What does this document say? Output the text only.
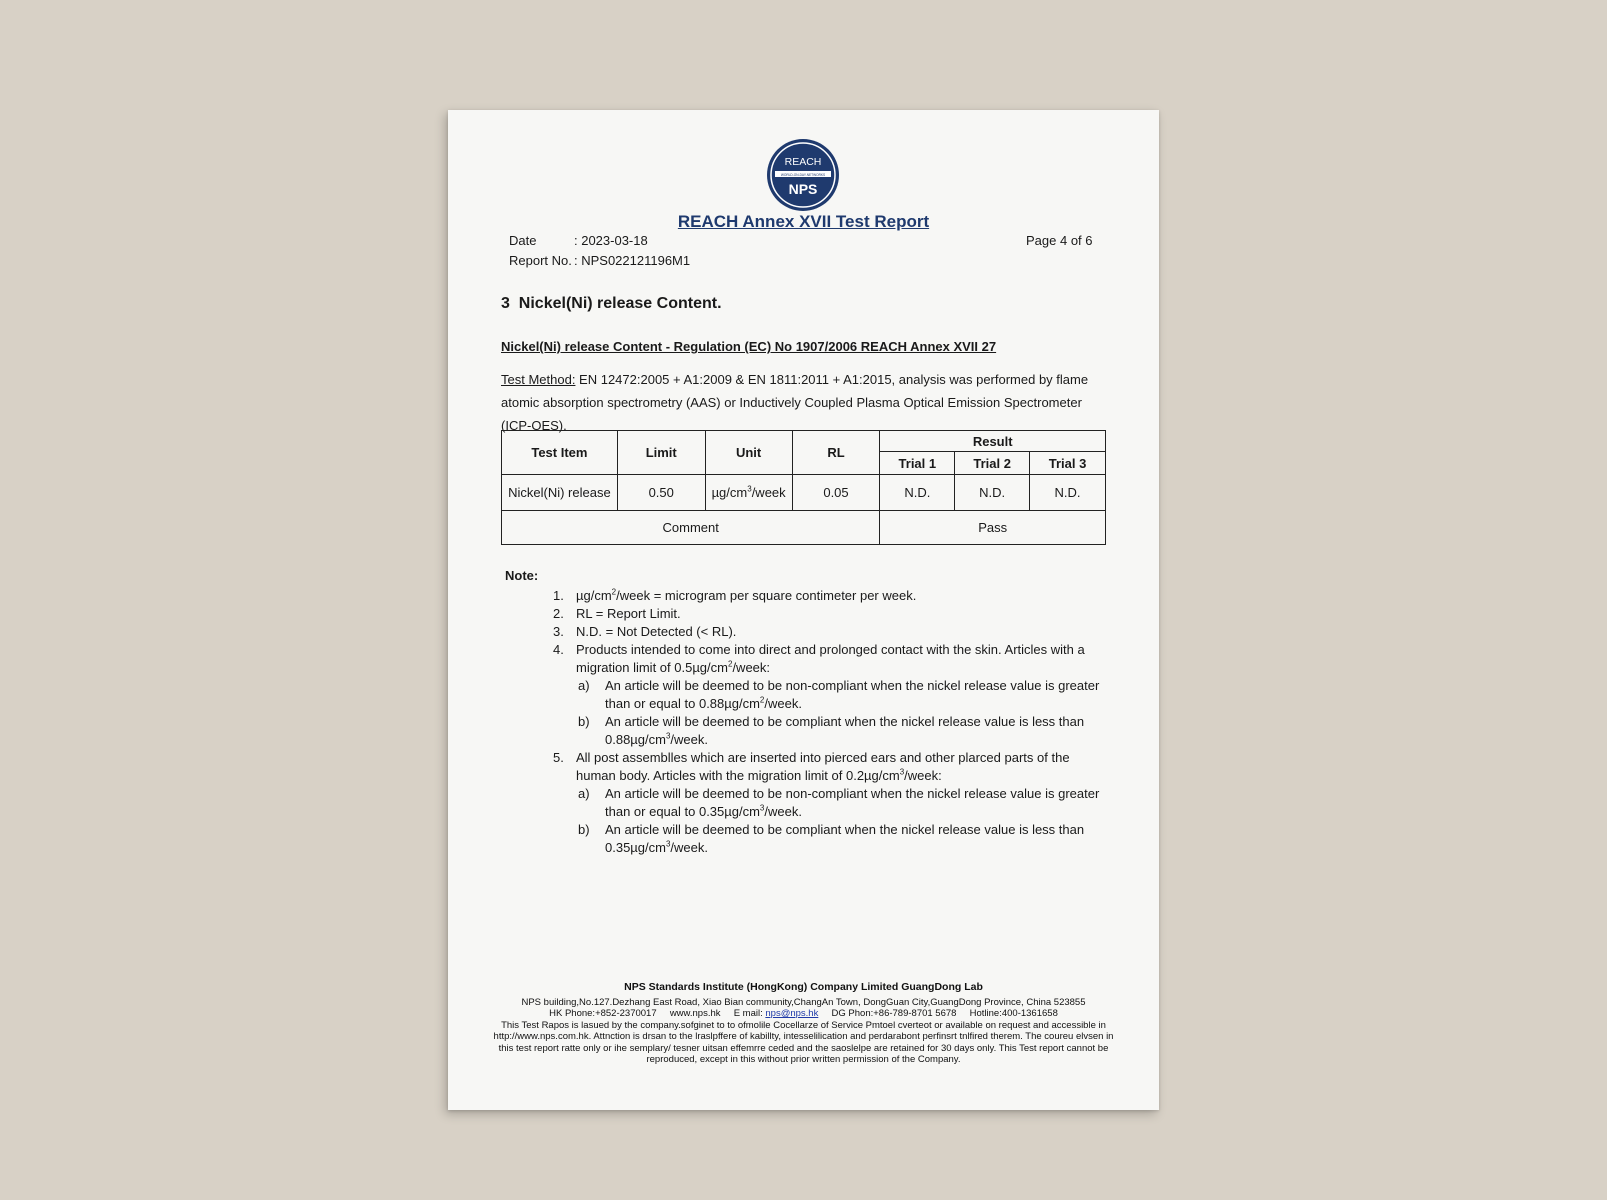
REACH
WORLD-ON-DAY-NETWORKS
NPS
REACH Annex XVII Test Report
Date	: 2023-03-18
Report No. : NPS022121196M1
Page 4 of 6
3 Nickel(Ni) release Content.
Nickel(Ni) release Content - Regulation (EC) No 1907/2006 REACH Annex XVII 27
Test Method: EN 12472:2005 + A1:2009 & EN 1811:2011 + A1:2015, analysis was performed by flame atomic absorption spectrometry (AAS) or Inductively Coupled Plasma Optical Emission Spectrometer (ICP-OES).
Test Item	Limit	Unit	RL	Result		
				Trial 1	Trial 2	Trial 3
Nickel(Ni) release	0.50	$\mu g/cm^3$/week	0.05	N.D.	N.D.	N.D.
Comment				Pass		
Note:
1. $\mu g/cm^2$/week = microgram per square contimeter per week.
2. RL = Report Limit.
3. N.D. = Not Detected (< RL).
4. Products intended to come into direct and prolonged contact with the skin. Articles with a migration limit of $0.5\mu g/cm^2$/week:
a) An article will be deemed to be non-compliant when the nickel release value is greater than or equal to $0.88\mu g/cm^2$/week.
b) An article will be deemed to be compliant when the nickel release value is less than $0.88\mu g/cm^3$/week.
5. All post assemblles which are inserted into pierced ears and other plarced parts of the human body. Articles with the migration limit of $0.2\mu g/cm^3$/week:
a) An article will be deemed to be non-compliant when the nickel release value is greater than or equal to $0.35\mu g/cm^3$/week.
b) An article will be deemed to be compliant when the nickel release value is less than $0.35\mu g/cm^3$/week.
NPS Standards Institute (HongKong) Company Limited GuangDong Lab
NPS building,No.127.Dezhang East Road, Xiao Bian community,ChangAn Town, DongGuan City,GuangDong Province, China 523855
HK Phone:+852-2370017     www.nps.hk     E mail: nps@nps.hk     DG Phon:+86-789-8701 5678     Hotline:400-1361658
This Test Rapos is lasued by the company.sofginet to to ofmolile Cocellarze of Service Pmtoel cverteot or available on request and accessible in http://www.nps.com.hk. Attnction is drsan to the lraslpffere of kabillty, intesselilication and perdarabont perfinsrt tnlfired therem. The coureu elvsen in this test report ratte only or ihe semplary/ tesner uitsan effemrre ceded and the saoslelpe are retained for 30 days only. This Test report cannot be reproduced, except in this without prior written permission of the Company.
